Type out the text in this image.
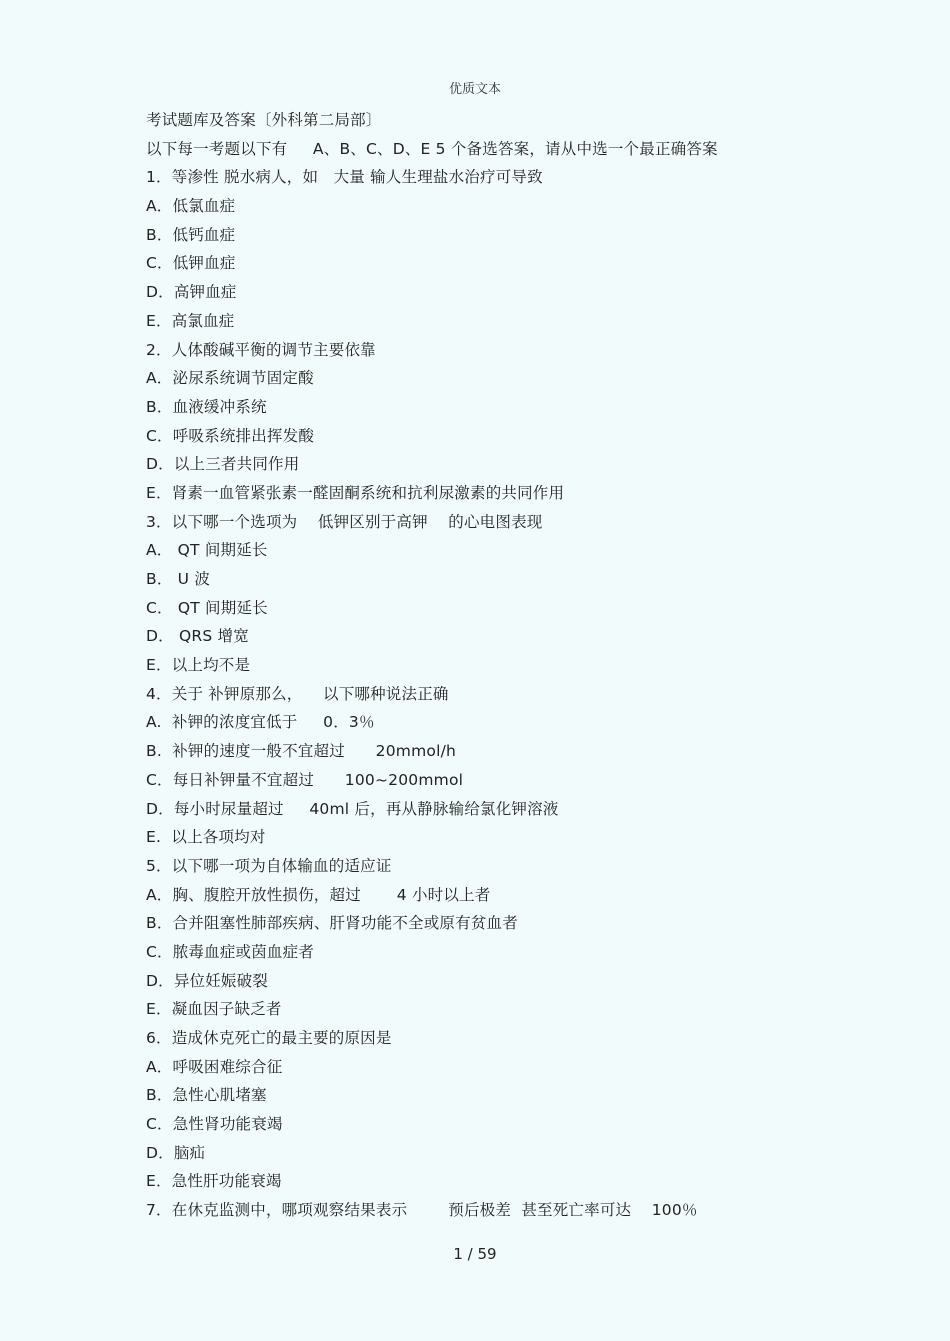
优质文本
考试题库及答案〔外科第二局部〕
以下每一考题以下有     A、B、C、D、E 5 个备选答案，请从中选一个最正确答案
1．等渗性 脱水病人，如   大量 输人生理盐水治疗可导致
A．低氯血症
B．低钙血症
C．低钾血症
D．高钾血症
E．高氯血症
2．人体酸碱平衡的调节主要依靠
A．泌尿系统调节固定酸
B．血液缓冲系统
C．呼吸系统排出挥发酸
D．以上三者共同作用
E．肾素一血管紧张素一醛固酮系统和抗利尿激素的共同作用
3．以下哪一个选项为    低钾区别于高钾    的心电图表现
A． QT 间期延长
B． U 波
C． QT 间期延长
D． QRS 增宽
E．以上均不是
4．关于 补钾原那么，    以下哪种说法正确
A.  补钾的浓度宜低于     0．3％
B.  补钾的速度一般不宜超过      20mmol/h
C．每日补钾量不宜超过      100~200mmol
D．每小时尿量超过     40ml 后，再从静脉输给氯化钾溶液
E.  以上各项均对
5．以下哪一项为自体输血的适应证
A．胸、腹腔开放性损伤，超过       4 小时以上者
B．合并阻塞性肺部疾病、肝肾功能不全或原有贫血者
C．脓毒血症或茵血症者
D．异位妊娠破裂
E．凝血因子缺乏者
6．造成休克死亡的最主要的原因是
A．呼吸困难综合征
B．急性心肌堵塞
C．急性肾功能衰竭
D．脑疝
E．急性肝功能衰竭
7．在休克监测中，哪项观察结果表示        预后极差  甚至死亡率可达    100％
1 / 59
